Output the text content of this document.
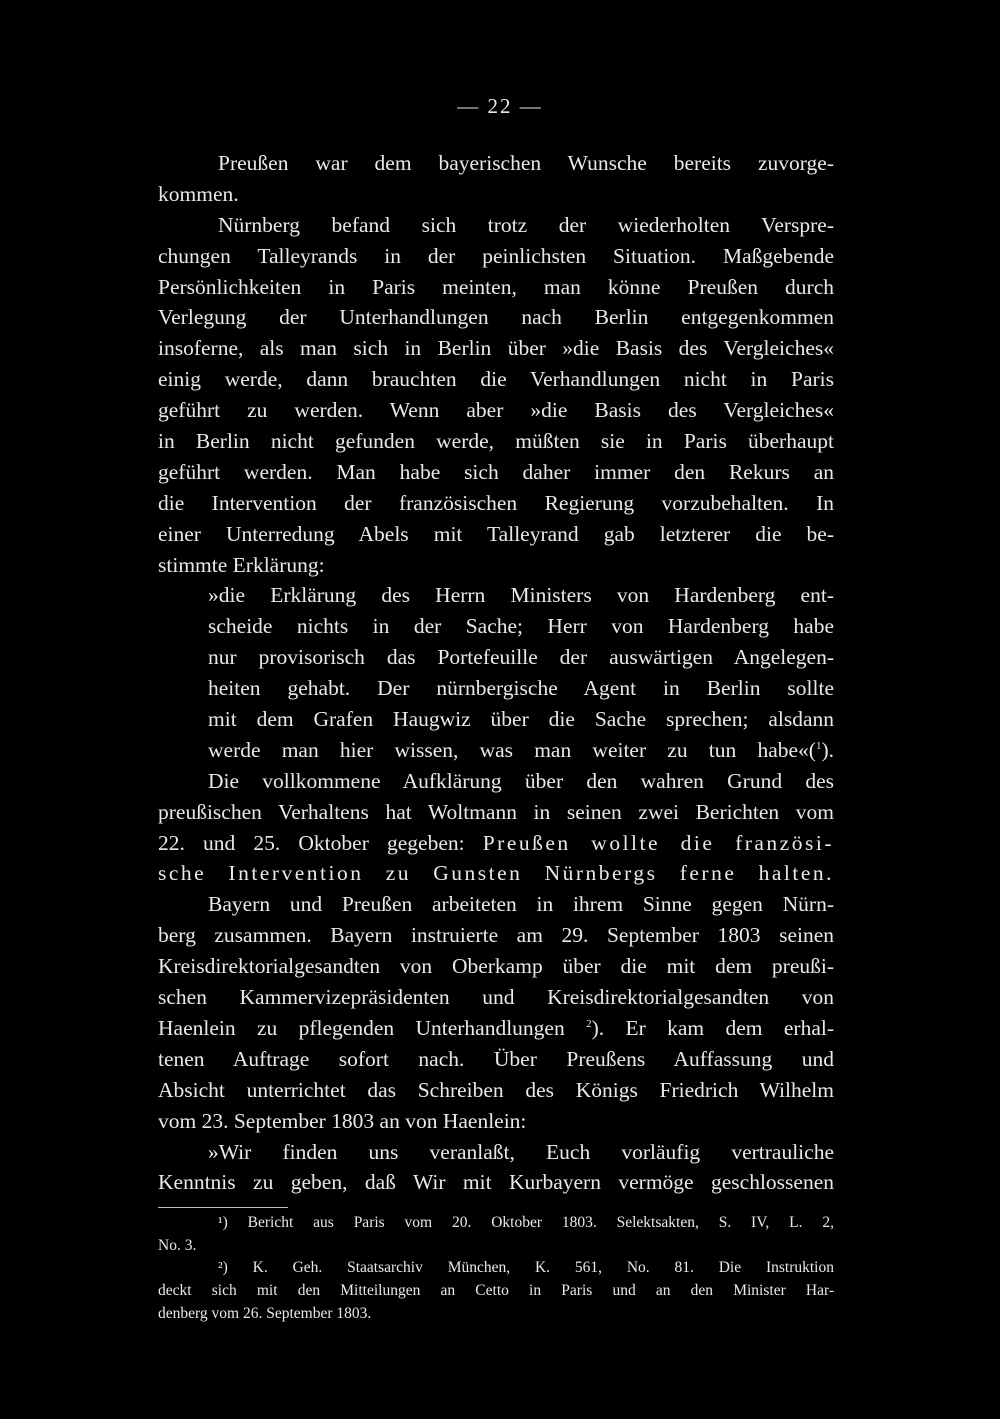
— 22 —
Preußen war dem bayerischen Wunsche bereits zuvorge-
kommen.
Nürnberg befand sich trotz der wiederholten Verspre-
chungen Talleyrands in der peinlichsten Situation. Maßgebende
Persönlichkeiten in Paris meinten, man könne Preußen durch
Verlegung der Unterhandlungen nach Berlin entgegenkommen
insoferne, als man sich in Berlin über »die Basis des Vergleiches«
einig werde, dann brauchten die Verhandlungen nicht in Paris
geführt zu werden. Wenn aber »die Basis des Vergleiches«
in Berlin nicht gefunden werde, müßten sie in Paris überhaupt
geführt werden. Man habe sich daher immer den Rekurs an
die Intervention der französischen Regierung vorzubehalten. In
einer Unterredung Abels mit Talleyrand gab letzterer die be-
stimmte Erklärung:
»die Erklärung des Herrn Ministers von Hardenberg ent-
scheide nichts in der Sache; Herr von Hardenberg habe
nur provisorisch das Portefeuille der auswärtigen Angelegen-
heiten gehabt. Der nürnbergische Agent in Berlin sollte
mit dem Grafen Haugwiz über die Sache sprechen; alsdann
werde man hier wissen, was man weiter zu tun habe«($^1$).
Die vollkommene Aufklärung über den wahren Grund des
preußischen Verhaltens hat Woltmann in seinen zwei Berichten vom
22. und 25. Oktober gegeben: Preußen wollte die französi-
sche Intervention zu Gunsten Nürnbergs ferne halten.
Bayern und Preußen arbeiteten in ihrem Sinne gegen Nürn-
berg zusammen. Bayern instruierte am 29. September 1803 seinen
Kreisdirektorialgesandten von Oberkamp über die mit dem preußi-
schen Kammervizepräsidenten und Kreisdirektorialgesandten von
Haenlein zu pflegenden Unterhandlungen $^2$). Er kam dem erhal-
tenen Auftrage sofort nach. Über Preußens Auffassung und
Absicht unterrichtet das Schreiben des Königs Friedrich Wilhelm
vom 23. September 1803 an von Haenlein:
»Wir finden uns veranlaßt, Euch vorläufig vertrauliche
Kenntnis zu geben, daß Wir mit Kurbayern vermöge geschlossenen
¹) Bericht aus Paris vom 20. Oktober 1803. Selektsakten, S. IV, L. 2,
No. 3.
²) K. Geh. Staatsarchiv München, K. 561, No. 81. Die Instruktion
deckt sich mit den Mitteilungen an Cetto in Paris und an den Minister Har-
denberg vom 26. September 1803.
